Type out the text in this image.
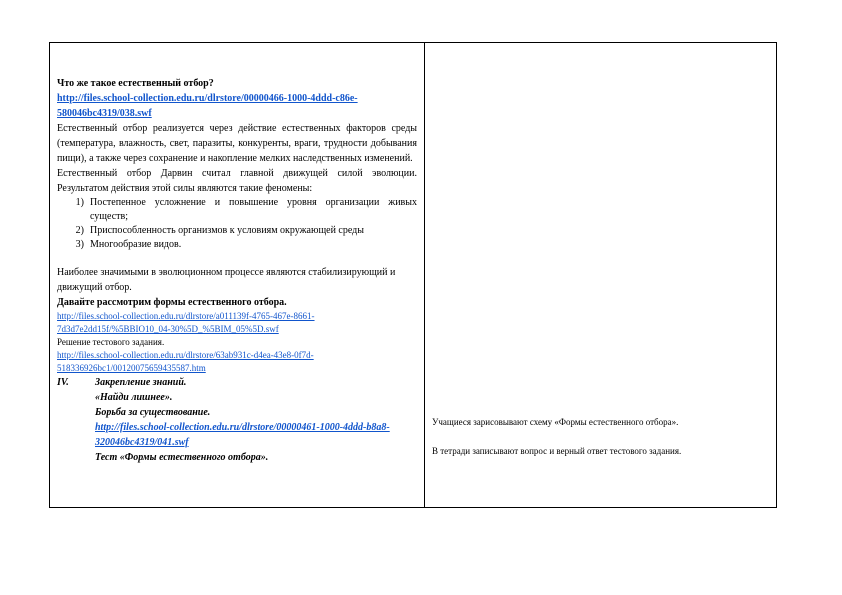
Что же такое естественный отбор?

http://files.school-collection.edu.ru/dlrstore/00000466-1000-4ddd-c86e-580046bc4319/038.swf

Естественный отбор реализуется через действие естественных факторов среды (температура, влажность, свет, паразиты, конкуренты, враги, трудности добывания пищи), а также через сохранение и накопление мелких наследственных изменений.

Естественный отбор Дарвин считал главной движущей силой эволюции. Результатом действия этой силы являются такие феномены:

1) Постепенное усложнение и повышение уровня организации живых существ;
2) Приспособленность организмов к условиям окружающей среды
3) Многообразие видов.

Наиболее значимыми в эволюционном процессе являются стабилизирующий и движущий отбор.

Давайте рассмотрим формы естественного отбора.

http://files.school-collection.edu.ru/dlrstore/a011139f-4765-467e-8661-7d3d7e2dd15f/%5BBIO10_04-30%5D_%5BIM_05%5D.swf

Решение тестового задания.

http://files.school-collection.edu.ru/dlrstore/63ab931c-d4ea-43e8-0f7d-518336926bc1/00120075659435587.htm

IV.	Закрепление знаний.

«Найди лишнее».

Борьба за существование.

http://files.school-collection.edu.ru/dlrstore/00000461-1000-4ddd-b8a8-320046bc4319/041.swf

Тест «Формы естественного отбора».

Учащиеся зарисовывают схему «Формы естественного отбора».

В тетради записывают вопрос и верный ответ тестового задания.
